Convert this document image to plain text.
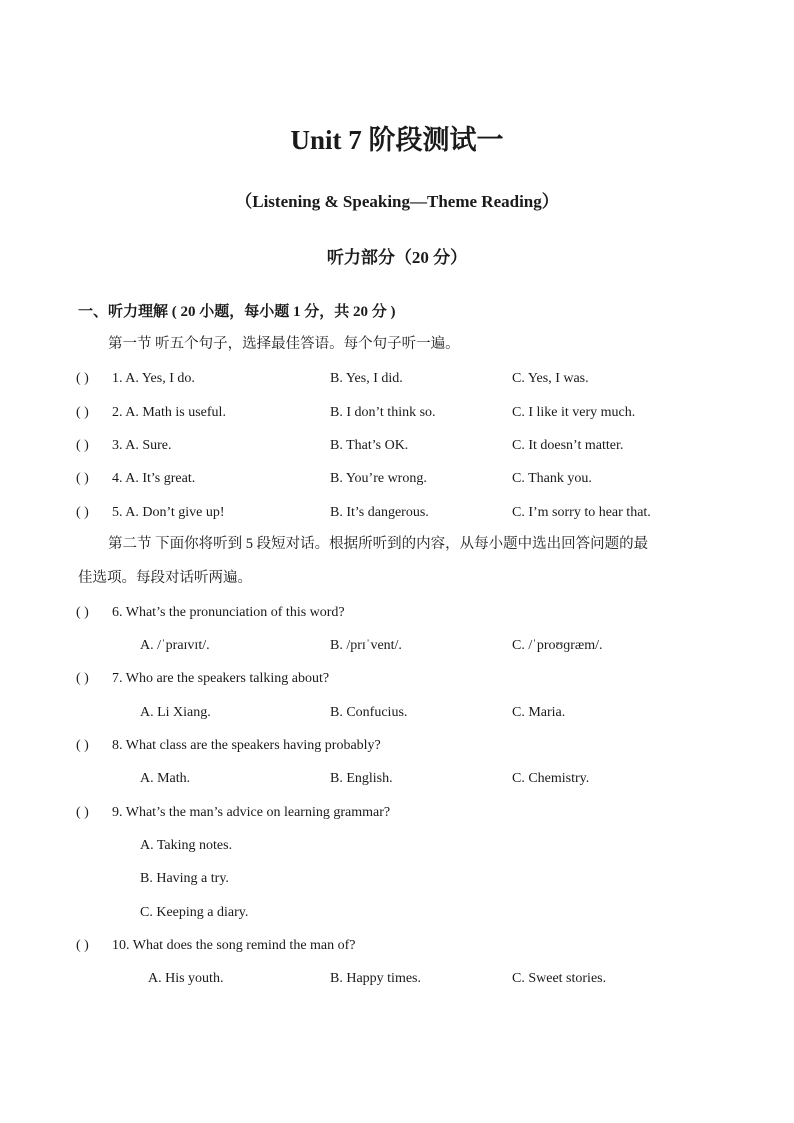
Unit 7 阶段测试一
（Listening & Speaking—Theme Reading）
听力部分（20 分）
一、听力理解 ( 20 小题，每小题 1 分，共 20 分 )
第一节 听五个句子，选择最佳答语。每个句子听一遍。
( ) 1. A. Yes, I do.	B. Yes, I did.	C. Yes, I was.
( ) 2. A. Math is useful.	B. I don’t think so.	C. I like it very much.
( ) 3. A. Sure.	B. That’s OK.	C. It doesn’t matter.
( ) 4. A. It’s great.	B. You’re wrong.	C. Thank you.
( ) 5. A. Don’t give up!	B. It’s dangerous.	C. I’m sorry to hear that.
第二节 下面你将听到 5 段短对话。根据所听到的内容，从每小题中选出回答问题的最
佳选项。每段对话听两遍。
( ) 6. What’s the pronunciation of this word?
A. /ˈpraɪvɪt/.	B. /prɪˈvent/.	C. /ˈproʊɡræm/.
( ) 7. Who are the speakers talking about?
A. Li Xiang.	B. Confucius.	C. Maria.
( ) 8. What class are the speakers having probably?
A. Math.	B. English.	C. Chemistry.
( ) 9. What’s the man’s advice on learning grammar?
A. Taking notes.
B. Having a try.
C. Keeping a diary.
( ) 10. What does the song remind the man of?
A. His youth.	B. Happy times.	C. Sweet stories.
